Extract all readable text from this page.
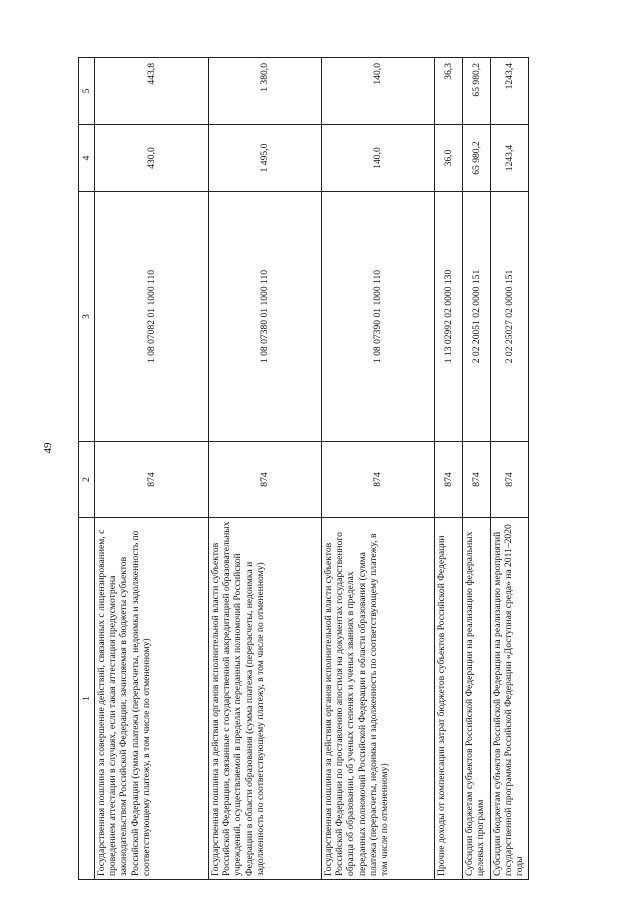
49
1	2	3	4	5
Государственная пошлина за совершение действий, связанных с лицензированием, с проведением аттестации в случаях, если такая аттестация предусмотрена законодательством Российской Федерации, зачисляемая в бюджеты субъектов Российской Федерации (сумма платежа (перерасчеты, недоимка и задолженность по соответствующему платежу, в том числе по отмененному)	874	1 08 07082 01 1000 110	430,0	443,8
Государственная пошлина за действия органов исполнительной власти субъектов Российской Федерации, связанные с государственной аккредитацией образовательных учреждений, осуществляемой в пределах переданных полномочий Российской Федерации в области образования (сумма платежа (перерасчеты, недоимка и задолженность по соответствующему платежу, в том числе по отмененному)	874	1 08 07380 01 1000 110	1 495,0	1 380,0
Государственная пошлина за действия органов исполнительной власти субъектов Российской Федерации по проставлению апостиля на документах государственного образца об образовании, об ученых степенях и ученых званиях в пределах переданных полномочий Российской Федерации в области образования (сумма платежа (перерасчеты, недоимка и задолженность по соответствующему платежу, в том числе по отмененному)	874	1 08 07390 01 1000 110	140,0	140,0
Прочие доходы от компенсации затрат бюджетов субъектов Российской Федерации	874	1 13 02992 02 0000 130	36,0	36,3
Субсидии бюджетам субъектов Российской Федерации на реализацию федеральных целевых программ	874	2 02 20051 02 0000 151	65 980,2	65 980,2
Субсидии бюджетам субъектов Российской Федерации на реализацию мероприятий государственной программы Российской Федерации «Доступная среда» на 2011–2020 годы	874	2 02 25027 02 0000 151	1243,4	1243,4
